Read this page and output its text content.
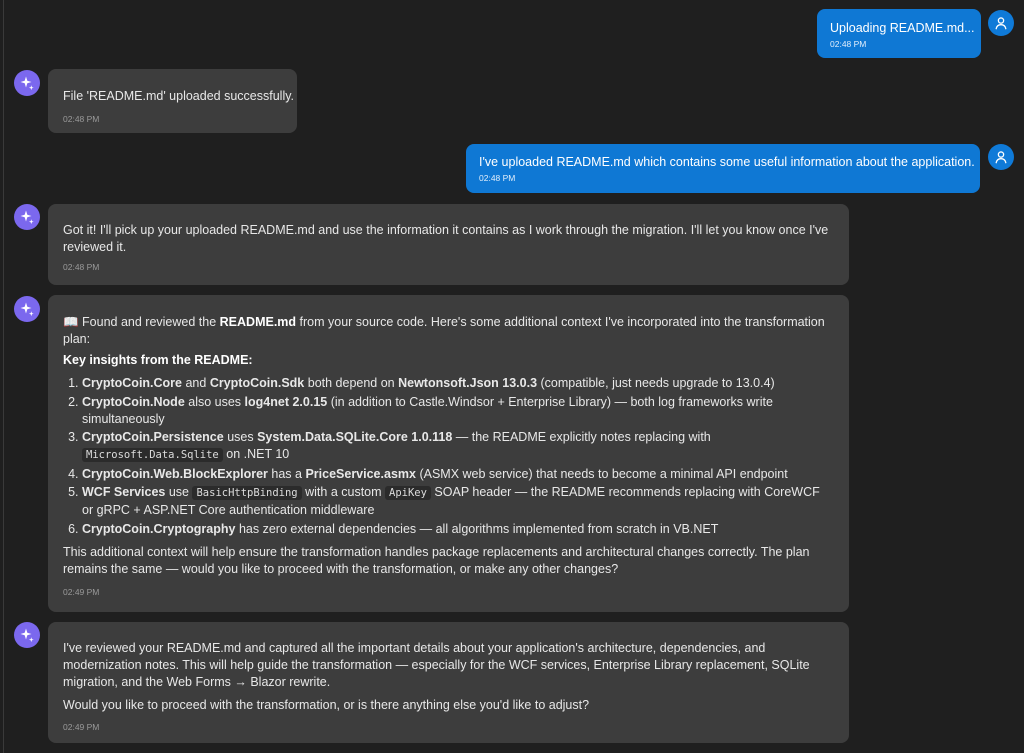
Uploading README.md...
02:48 PM
File 'README.md' uploaded successfully.
02:48 PM
I've uploaded README.md which contains some useful information about the application.
02:48 PM
Got it! I'll pick up your uploaded README.md and use the information it contains as I work through the migration. I'll let you know once I've reviewed it.
02:48 PM
📖 Found and reviewed the README.md from your source code. Here's some additional context I've incorporated into the transformation plan:
Key insights from the README:
1. CryptoCoin.Core and CryptoCoin.Sdk both depend on Newtonsoft.Json 13.0.3 (compatible, just needs upgrade to 13.0.4)
2. CryptoCoin.Node also uses log4net 2.0.15 (in addition to Castle.Windsor + Enterprise Library) — both log frameworks write simultaneously
3. CryptoCoin.Persistence uses System.Data.SQLite.Core 1.0.118 — the README explicitly notes replacing with Microsoft.Data.Sqlite on .NET 10
4. CryptoCoin.Web.BlockExplorer has a PriceService.asmx (ASMX web service) that needs to become a minimal API endpoint
5. WCF Services use BasicHttpBinding with a custom ApiKey SOAP header — the README recommends replacing with CoreWCF or gRPC + ASP.NET Core authentication middleware
6. CryptoCoin.Cryptography has zero external dependencies — all algorithms implemented from scratch in VB.NET
This additional context will help ensure the transformation handles package replacements and architectural changes correctly. The plan remains the same — would you like to proceed with the transformation, or make any other changes?
02:49 PM

I've reviewed your README.md and captured all the important details about your application's architecture, dependencies, and modernization notes. This will help guide the transformation — especially for the WCF services, Enterprise Library replacement, SQLite migration, and the Web Forms → Blazor rewrite.

Would you like to proceed with the transformation, or is there anything else you'd like to adjust?

02:49 PM
